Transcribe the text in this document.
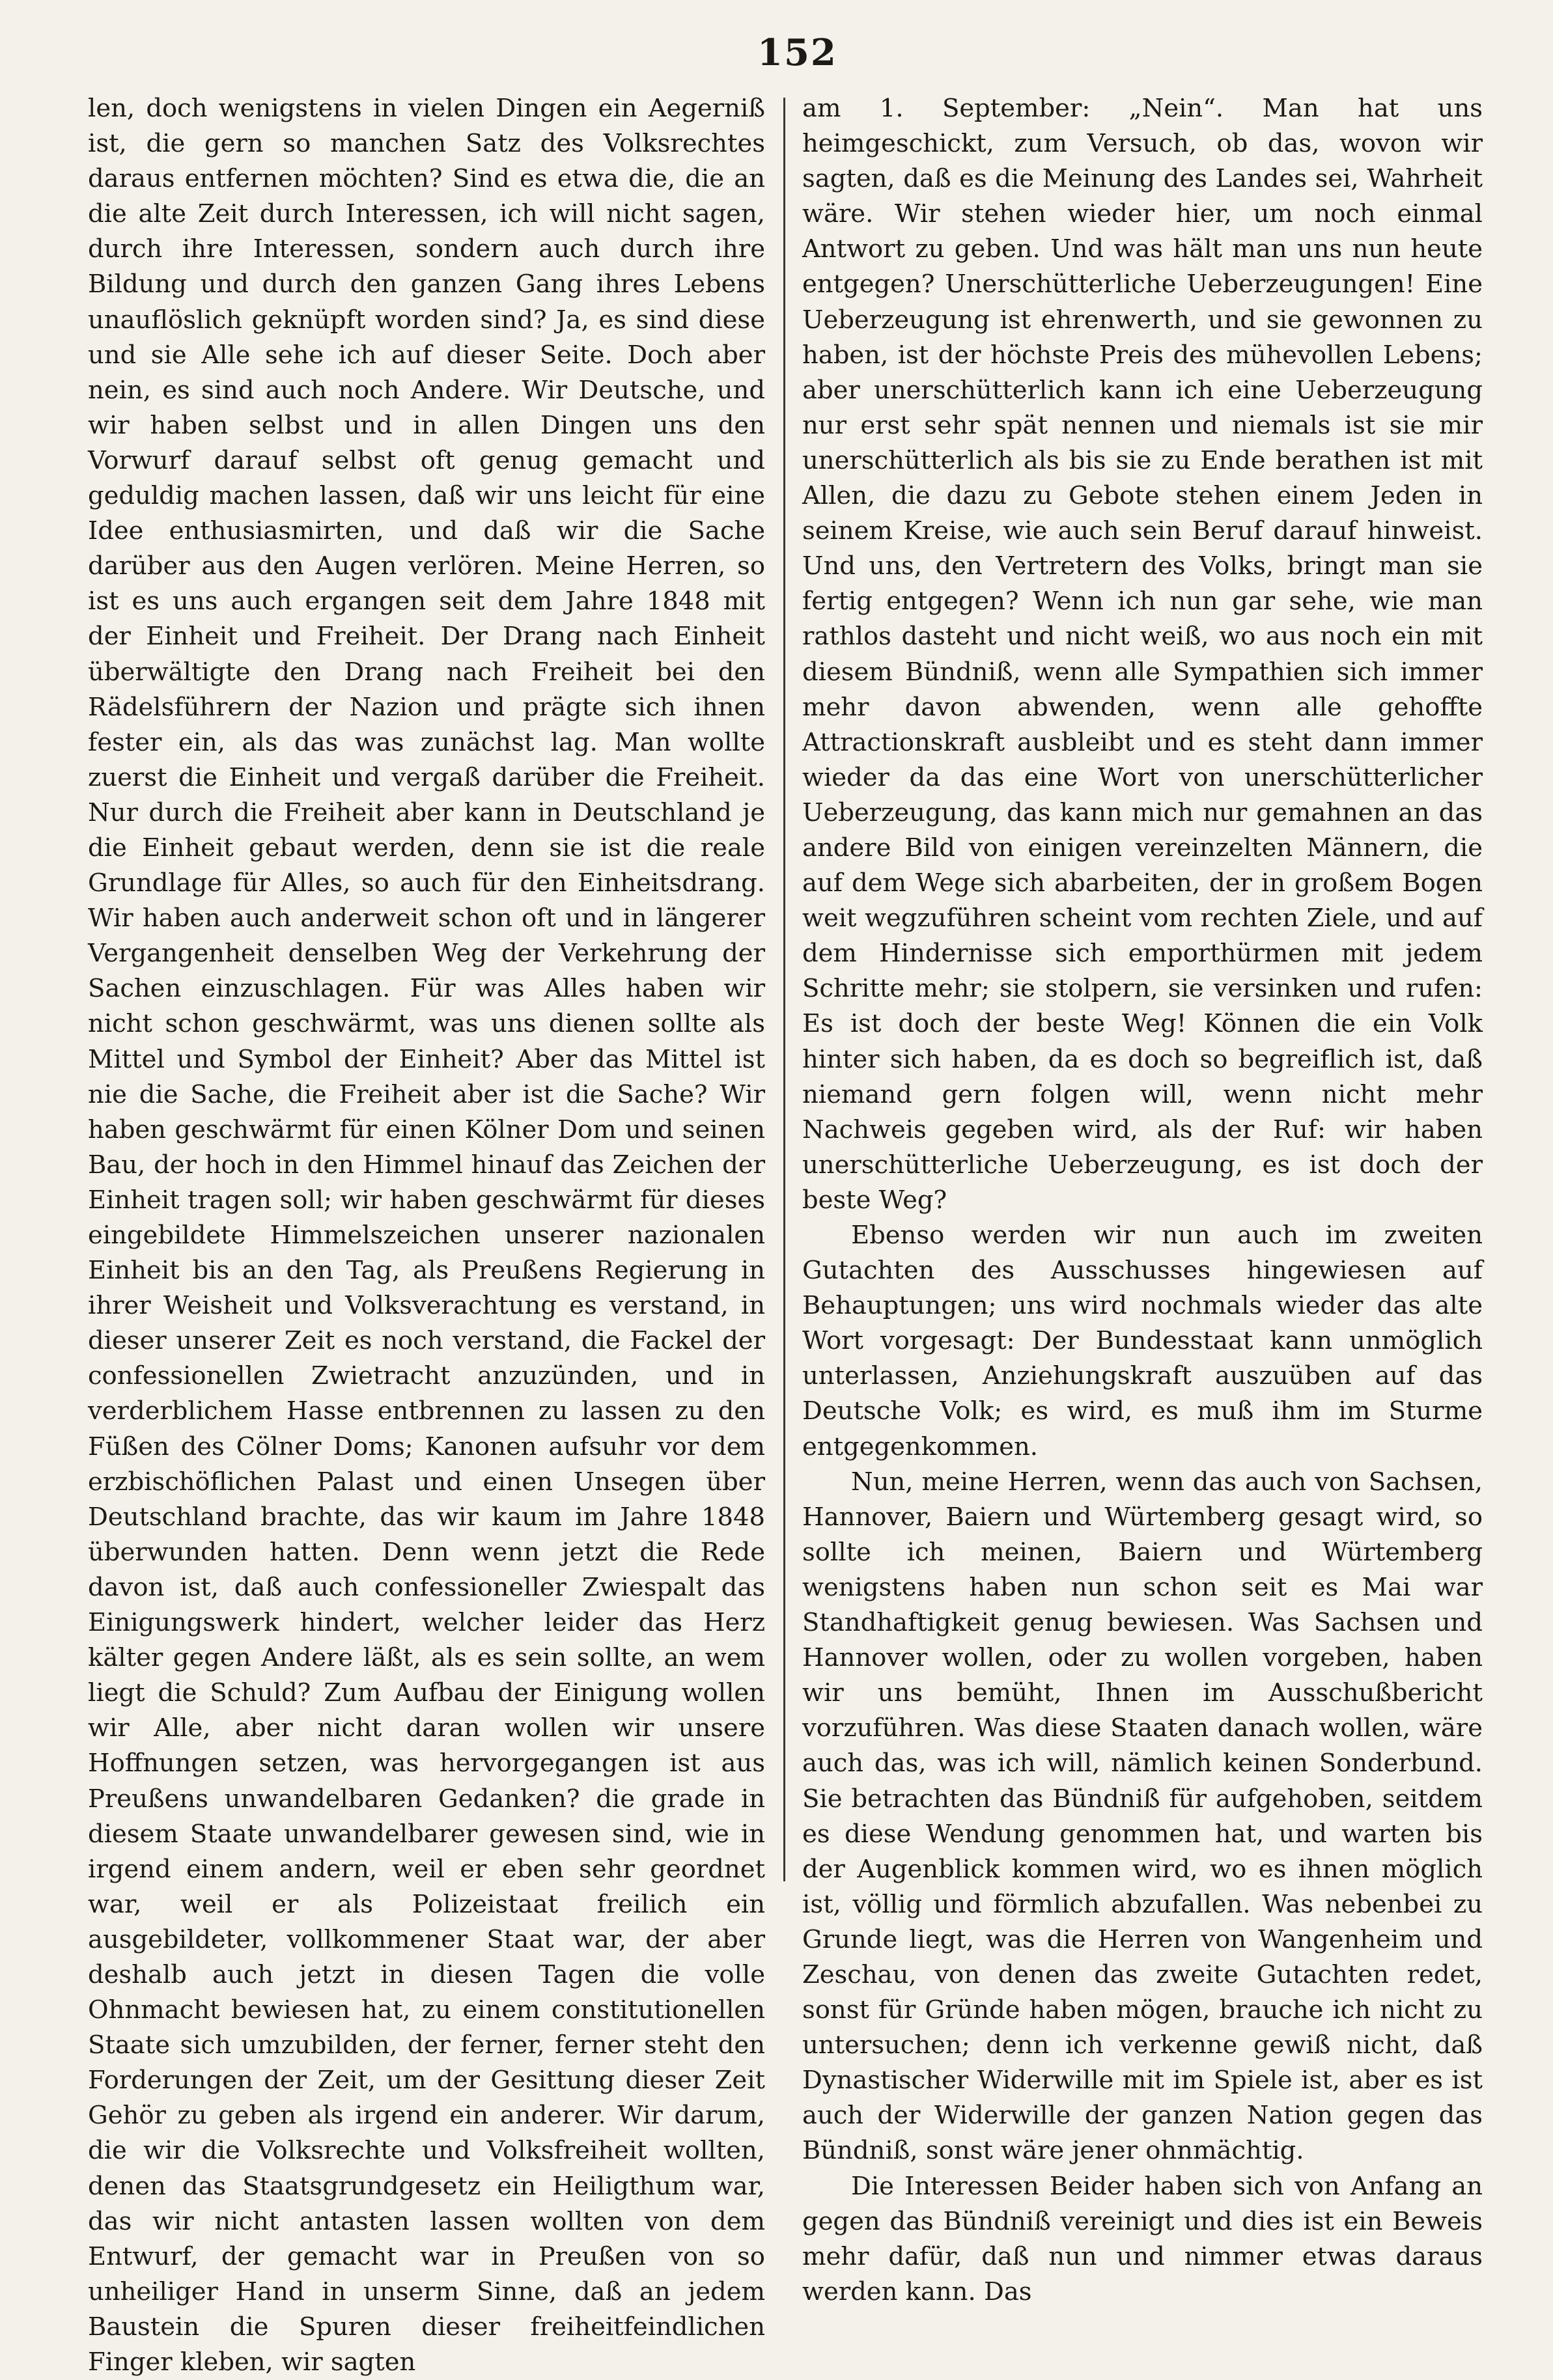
152

len, doch wenigstens in vielen Dingen ein Aegerniß ist, die gern so manchen Satz des Volksrechtes daraus entfernen möchten? Sind es etwa die, die an die alte Zeit durch Interessen, ich will nicht sagen, durch ihre Interessen, sondern auch durch ihre Bildung und durch den ganzen Gang ihres Lebens unauflöslich geknüpft worden sind? Ja, es sind diese und sie Alle sehe ich auf dieser Seite. Doch aber nein, es sind auch noch Andere. Wir Deutsche, und wir haben selbst und in allen Dingen uns den Vorwurf darauf selbst oft genug gemacht und geduldig machen lassen, daß wir uns leicht für eine Idee enthusiasmirten, und daß wir die Sache darüber aus den Augen verlören. Meine Herren, so ist es uns auch ergangen seit dem Jahre 1848 mit der Einheit und Freiheit. Der Drang nach Einheit überwältigte den Drang nach Freiheit bei den Rädelsführern der Nazion und prägte sich ihnen fester ein, als das was zunächst lag. Man wollte zuerst die Einheit und vergaß darüber die Freiheit. Nur durch die Freiheit aber kann in Deutschland je die Einheit gebaut werden, denn sie ist die reale Grundlage für Alles, so auch für den Einheitsdrang. Wir haben auch anderweit schon oft und in längerer Vergangenheit denselben Weg der Verkehrung der Sachen einzuschlagen. Für was Alles haben wir nicht schon geschwärmt, was uns dienen sollte als Mittel und Symbol der Einheit? Aber das Mittel ist nie die Sache, die Freiheit aber ist die Sache? Wir haben geschwärmt für einen Kölner Dom und seinen Bau, der hoch in den Himmel hinauf das Zeichen der Einheit tragen soll; wir haben geschwärmt für dieses eingebildete Himmelszeichen unserer nazionalen Einheit bis an den Tag, als Preußens Regierung in ihrer Weisheit und Volksverachtung es verstand, in dieser unserer Zeit es noch verstand, die Fackel der confessionellen Zwietracht anzuzünden, und in verderblichem Hasse entbrennen zu lassen zu den Füßen des Cölner Doms; Kanonen aufsuhr vor dem erzbischöflichen Palast und einen Unsegen über Deutschland brachte, das wir kaum im Jahre 1848 überwunden hatten. Denn wenn jetzt die Rede davon ist, daß auch confessioneller Zwiespalt das Einigungswerk hindert, welcher leider das Herz kälter gegen Andere läßt, als es sein sollte, an wem liegt die Schuld? Zum Aufbau der Einigung wollen wir Alle, aber nicht daran wollen wir unsere Hoffnungen setzen, was hervorgegangen ist aus Preußens unwandelbaren Gedanken? die grade in diesem Staate unwandelbarer gewesen sind, wie in irgend einem andern, weil er eben sehr geordnet war, weil er als Polizeistaat freilich ein ausgebildeter, vollkommener Staat war, der aber deshalb auch jetzt in diesen Tagen die volle Ohnmacht bewiesen hat, zu einem constitutionellen Staate sich umzubilden, der ferner, ferner steht den Forderungen der Zeit, um der Gesittung dieser Zeit Gehör zu geben als irgend ein anderer. Wir darum, die wir die Volksrechte und Volksfreiheit wollten, denen das Staatsgrundgesetz ein Heiligthum war, das wir nicht antasten lassen wollten von dem Entwurf, der gemacht war in Preußen von so unheiliger Hand in unserm Sinne, daß an jedem Baustein die Spuren dieser freiheitfeindlichen Finger kleben, wir sagten

am 1. September: „Nein“. Man hat uns heimgeschickt, zum Versuch, ob das, wovon wir sagten, daß es die Meinung des Landes sei, Wahrheit wäre. Wir stehen wieder hier, um noch einmal Antwort zu geben. Und was hält man uns nun heute entgegen? Unerschütterliche Ueberzeugungen! Eine Ueberzeugung ist ehrenwerth, und sie gewonnen zu haben, ist der höchste Preis des mühevollen Lebens; aber unerschütterlich kann ich eine Ueberzeugung nur erst sehr spät nennen und niemals ist sie mir unerschütterlich als bis sie zu Ende berathen ist mit Allen, die dazu zu Gebote stehen einem Jeden in seinem Kreise, wie auch sein Beruf darauf hinweist. Und uns, den Vertretern des Volks, bringt man sie fertig entgegen? Wenn ich nun gar sehe, wie man rathlos dasteht und nicht weiß, wo aus noch ein mit diesem Bündniß, wenn alle Sympathien sich immer mehr davon abwenden, wenn alle gehoffte Attractionskraft ausbleibt und es steht dann immer wieder da das eine Wort von unerschütterlicher Ueberzeugung, das kann mich nur gemahnen an das andere Bild von einigen vereinzelten Männern, die auf dem Wege sich abarbeiten, der in großem Bogen weit wegzuführen scheint vom rechten Ziele, und auf dem Hindernisse sich emporthürmen mit jedem Schritte mehr; sie stolpern, sie versinken und rufen: Es ist doch der beste Weg! Können die ein Volk hinter sich haben, da es doch so begreiflich ist, daß niemand gern folgen will, wenn nicht mehr Nachweis gegeben wird, als der Ruf: wir haben unerschütterliche Ueberzeugung, es ist doch der beste Weg?

Ebenso werden wir nun auch im zweiten Gutachten des Ausschusses hingewiesen auf Behauptungen; uns wird nochmals wieder das alte Wort vorgesagt: Der Bundesstaat kann unmöglich unterlassen, Anziehungskraft auszuüben auf das Deutsche Volk; es wird, es muß ihm im Sturme entgegenkommen.

Nun, meine Herren, wenn das auch von Sachsen, Hannover, Baiern und Würtemberg gesagt wird, so sollte ich meinen, Baiern und Würtemberg wenigstens haben nun schon seit es Mai war Standhaftigkeit genug bewiesen. Was Sachsen und Hannover wollen, oder zu wollen vorgeben, haben wir uns bemüht, Ihnen im Ausschußbericht vorzuführen. Was diese Staaten danach wollen, wäre auch das, was ich will, nämlich keinen Sonderbund. Sie betrachten das Bündniß für aufgehoben, seitdem es diese Wendung genommen hat, und warten bis der Augenblick kommen wird, wo es ihnen möglich ist, völlig und förmlich abzufallen. Was nebenbei zu Grunde liegt, was die Herren von Wangenheim und Zeschau, von denen das zweite Gutachten redet, sonst für Gründe haben mögen, brauche ich nicht zu untersuchen; denn ich verkenne gewiß nicht, daß Dynastischer Widerwille mit im Spiele ist, aber es ist auch der Widerwille der ganzen Nation gegen das Bündniß, sonst wäre jener ohnmächtig.

Die Interessen Beider haben sich von Anfang an gegen das Bündniß vereinigt und dies ist ein Beweis mehr dafür, daß nun und nimmer etwas daraus werden kann. Das
